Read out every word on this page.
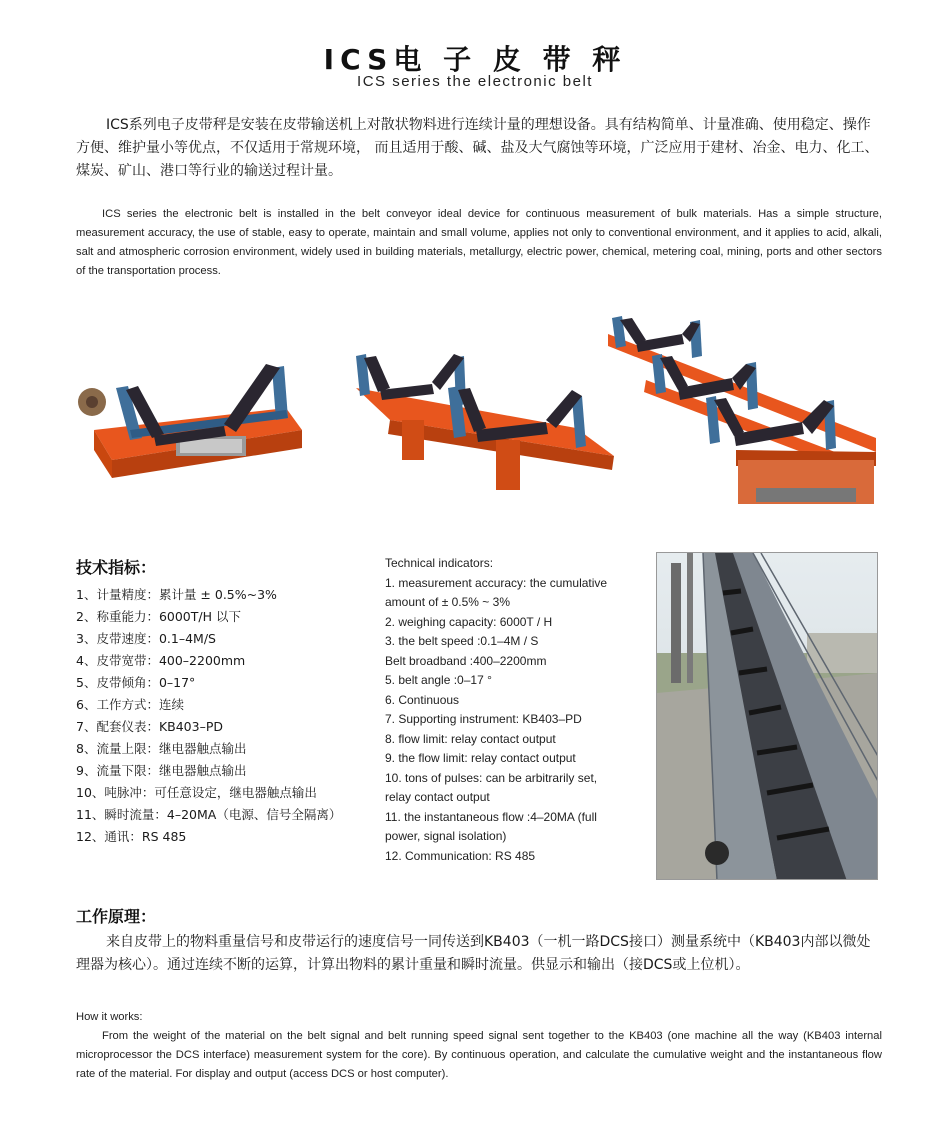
ICS电 子 皮 带 秤
ICS series the electronic belt

ICS系列电子皮带秤是安装在皮带输送机上对散状物料进行连续计量的理想设备。具有结构简单、计量准确、使用稳定、操作方便、维护量小等优点，不仅适用于常规环境， 而且适用于酸、碱、盐及大气腐蚀等环境，广泛应用于建材、冶金、电力、化工、煤炭、矿山、港口等行业的输送过程计量。

ICS series the electronic belt is installed in the belt conveyor ideal device for continuous measurement of bulk materials. Has a simple structure, measurement accuracy, the use of stable, easy to operate, maintain and small volume, applies not only to conventional environment, and it applies to acid, alkali, salt and atmospheric corrosion environment, widely used in building materials, metallurgy, electric power, chemical, metering coal, mining, ports and other sectors of the transportation process.

技术指标：
1、计量精度：累计量 ± 0.5%~3%
2、称重能力：6000T/H 以下
3、皮带速度：0.1–4M/S
4、皮带宽带：400–2200mm
5、皮带倾角：0–17°
6、工作方式：连续
7、配套仪表：KB403–PD
8、流量上限：继电器触点输出
9、流量下限：继电器触点输出
10、吨脉冲：可任意设定，继电器触点输出
11、瞬时流量：4–20MA（电源、信号全隔离）
12、通讯：RS 485
Technical indicators:
1. measurement accuracy: the cumulative amount of ± 0.5% ~ 3%
2. weighing capacity: 6000T / H
3. the belt speed :0.1–4M / S
Belt broadband :400–2200mm
5. belt angle :0–17 °
6. Continuous
7. Supporting instrument: KB403–PD
8. flow limit: relay contact output
9. the flow limit: relay contact output
10. tons of pulses: can be arbitrarily set, relay contact output
11. the instantaneous flow :4–20MA (full power, signal isolation)
12. Communication: RS 485
工作原理：

来自皮带上的物料重量信号和皮带运行的速度信号一同传送到KB403（一机一路DCS接口）测量系统中（KB403内部以微处理器为核心）。通过连续不断的运算，计算出物料的累计重量和瞬时流量。供显示和输出（接DCS或上位机）。

How it works:

From the weight of the material on the belt signal and belt running speed signal sent together to the KB403 (one machine all the way (KB403 internal microprocessor the DCS interface) measurement system for the core). By continuous operation, and calculate the cumulative weight and the instantaneous flow rate of the material. For display and output (access DCS or host computer).
